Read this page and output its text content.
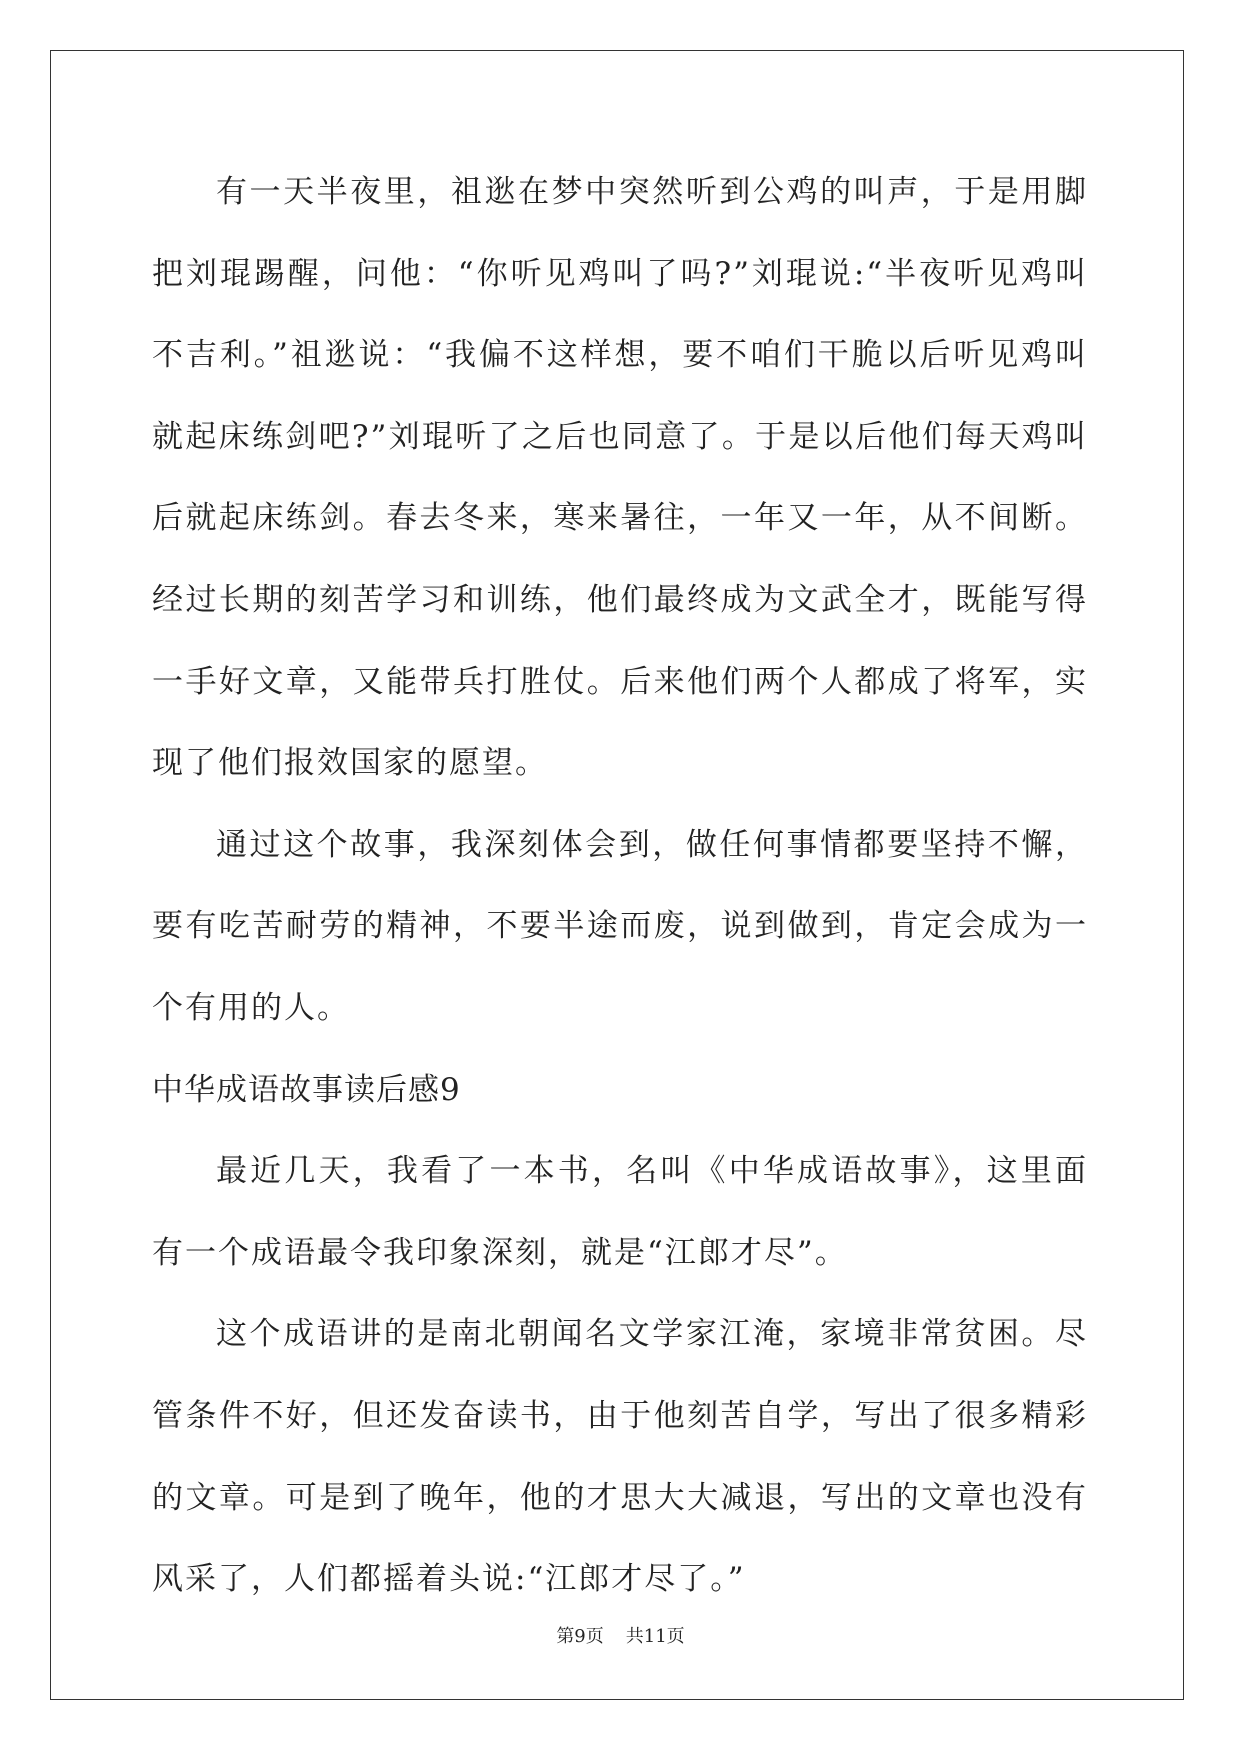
有一天半夜里，祖逖在梦中突然听到公鸡的叫声，于是用脚把刘琨踢醒，问他：“你听见鸡叫了吗?”刘琨说:“半夜听见鸡叫不吉利。”祖逖说：“我偏不这样想，要不咱们干脆以后听见鸡叫就起床练剑吧?”刘琨听了之后也同意了。于是以后他们每天鸡叫后就起床练剑。春去冬来，寒来暑往，一年又一年，从不间断。经过长期的刻苦学习和训练，他们最终成为文武全才，既能写得一手好文章，又能带兵打胜仗。后来他们两个人都成了将军，实现了他们报效国家的愿望。

通过这个故事，我深刻体会到，做任何事情都要坚持不懈，要有吃苦耐劳的精神，不要半途而废，说到做到，肯定会成为一个有用的人。

中华成语故事读后感9

最近几天，我看了一本书，名叫《中华成语故事》，这里面有一个成语最令我印象深刻，就是“江郎才尽”。

这个成语讲的是南北朝闻名文学家江淹，家境非常贫困。尽管条件不好，但还发奋读书，由于他刻苦自学，写出了很多精彩的文章。可是到了晚年，他的才思大大减退，写出的文章也没有风采了，人们都摇着头说:“江郎才尽了。”

第9页 共11页
